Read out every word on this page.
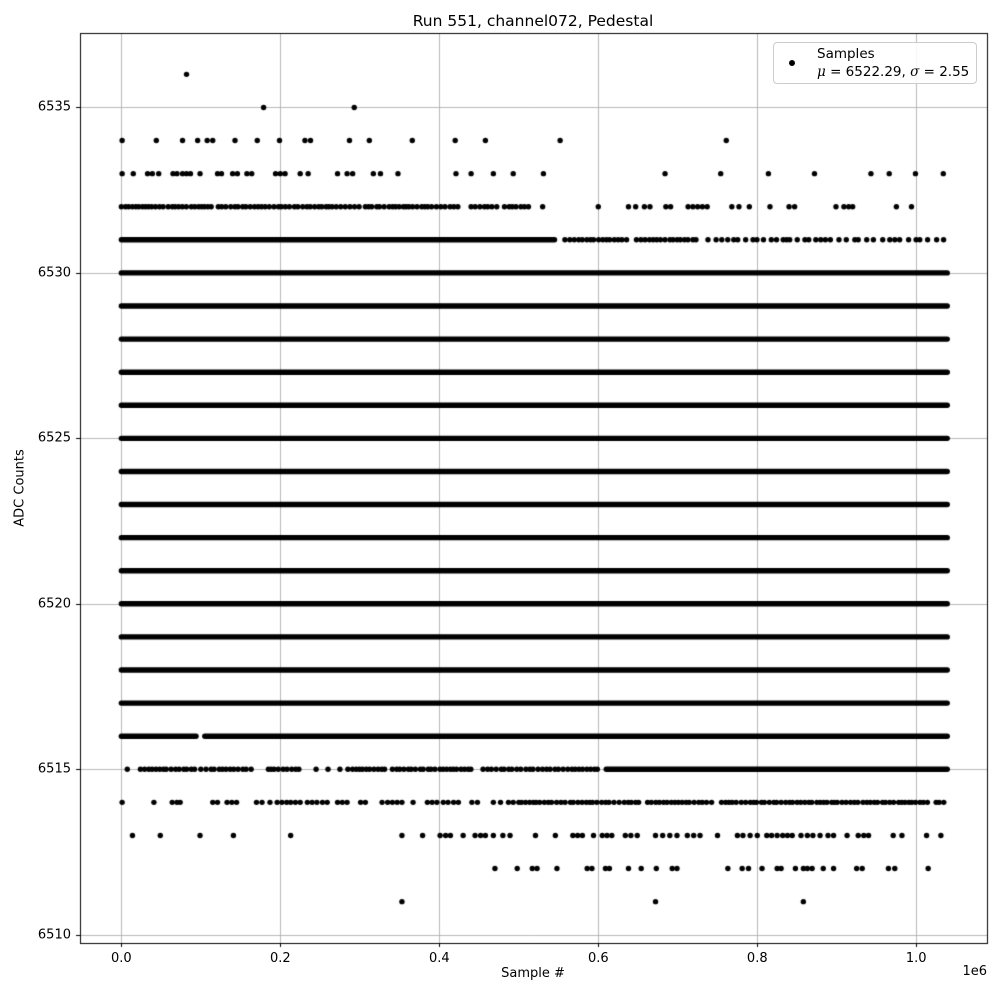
Run 551, channel072, Pedestal
Sample #	1e6
ADC Counts
0.0	0.2	0.4	0.6	0.8	1.0
6510
6515
6520
6525
6530
6535
Samples
μ = 6522.29, σ = 2.55
